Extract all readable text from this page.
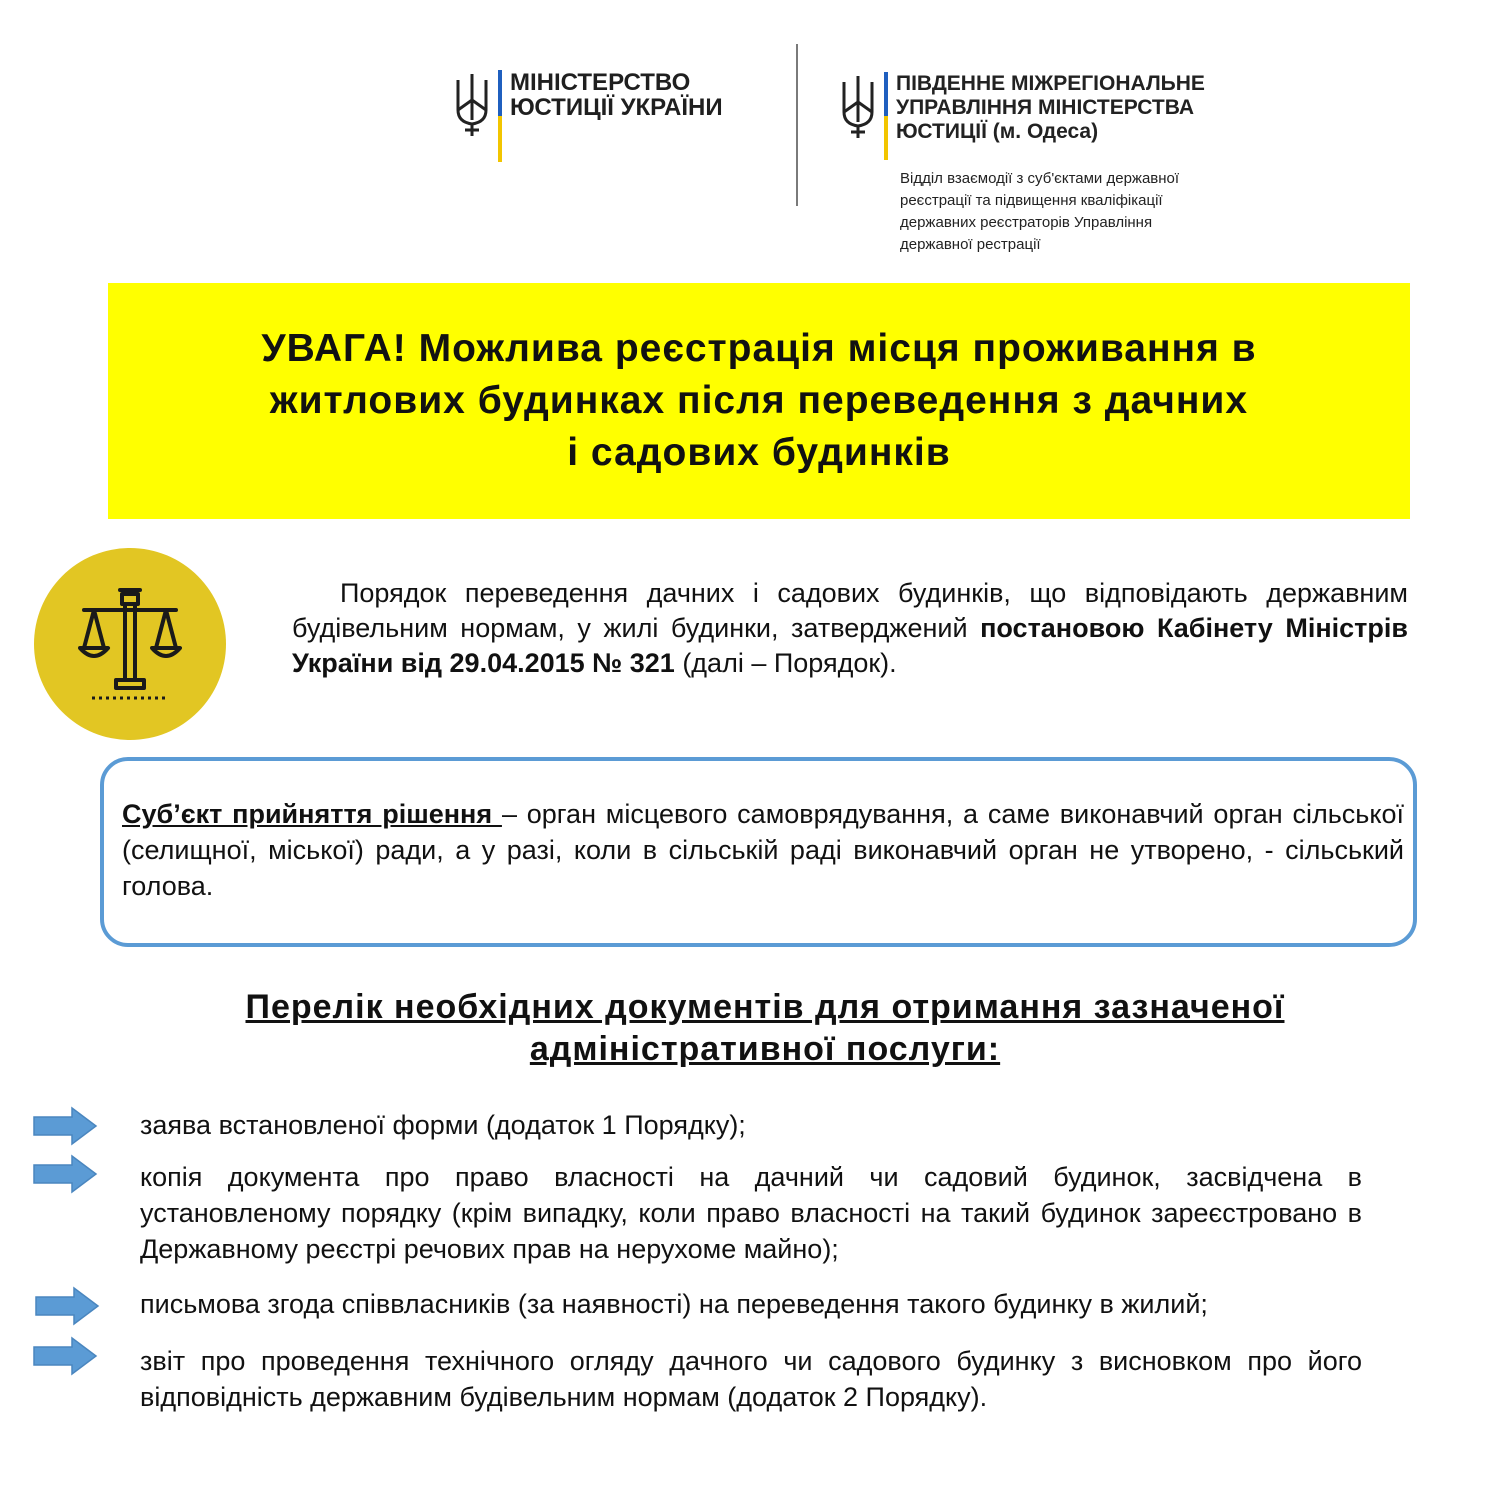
МІНІСТЕРСТВО
ЮСТИЦІЇ УКРАЇНИ
ПІВДЕННЕ МІЖРЕГІОНАЛЬНЕ
УПРАВЛІННЯ МІНІСТЕРСТВА
ЮСТИЦІЇ (м. Одеса)
Відділ взаємодії з суб'єктами державної
реєстрації та підвищення кваліфікації
державних реєстраторів Управління
державної рестрації
УВАГА! Можлива реєстрація місця проживання в
житлових будинках після переведення з дачних
і садових будинків

Порядок переведення дачних і садових будинків, що відповідають державним будівельним нормам, у жилі будинки, затверджений постановою Кабінету Міністрів України від 29.04.2015 № 321 (далі – Порядок).

Суб’єкт прийняття рішення – орган місцевого самоврядування, а саме виконавчий орган сільської (селищної, міської) ради, а у разі, коли в сільській раді виконавчий орган не утворено, - сільський голова.
Перелік необхідних документів для отримання зазначеної
адміністративної послуги:
заява встановленої форми (додаток 1 Порядку);
копія документа про право власності на дачний чи садовий будинок, засвідчена в установленому порядку (крім випадку, коли право власності на такий будинок зареєстровано в Державному реєстрі речових прав на нерухоме майно);
письмова згода співвласників (за наявності) на переведення такого будинку в жилий;
звіт про проведення технічного огляду дачного чи садового будинку з висновком про його відповідність державним будівельним нормам (додаток 2 Порядку).
